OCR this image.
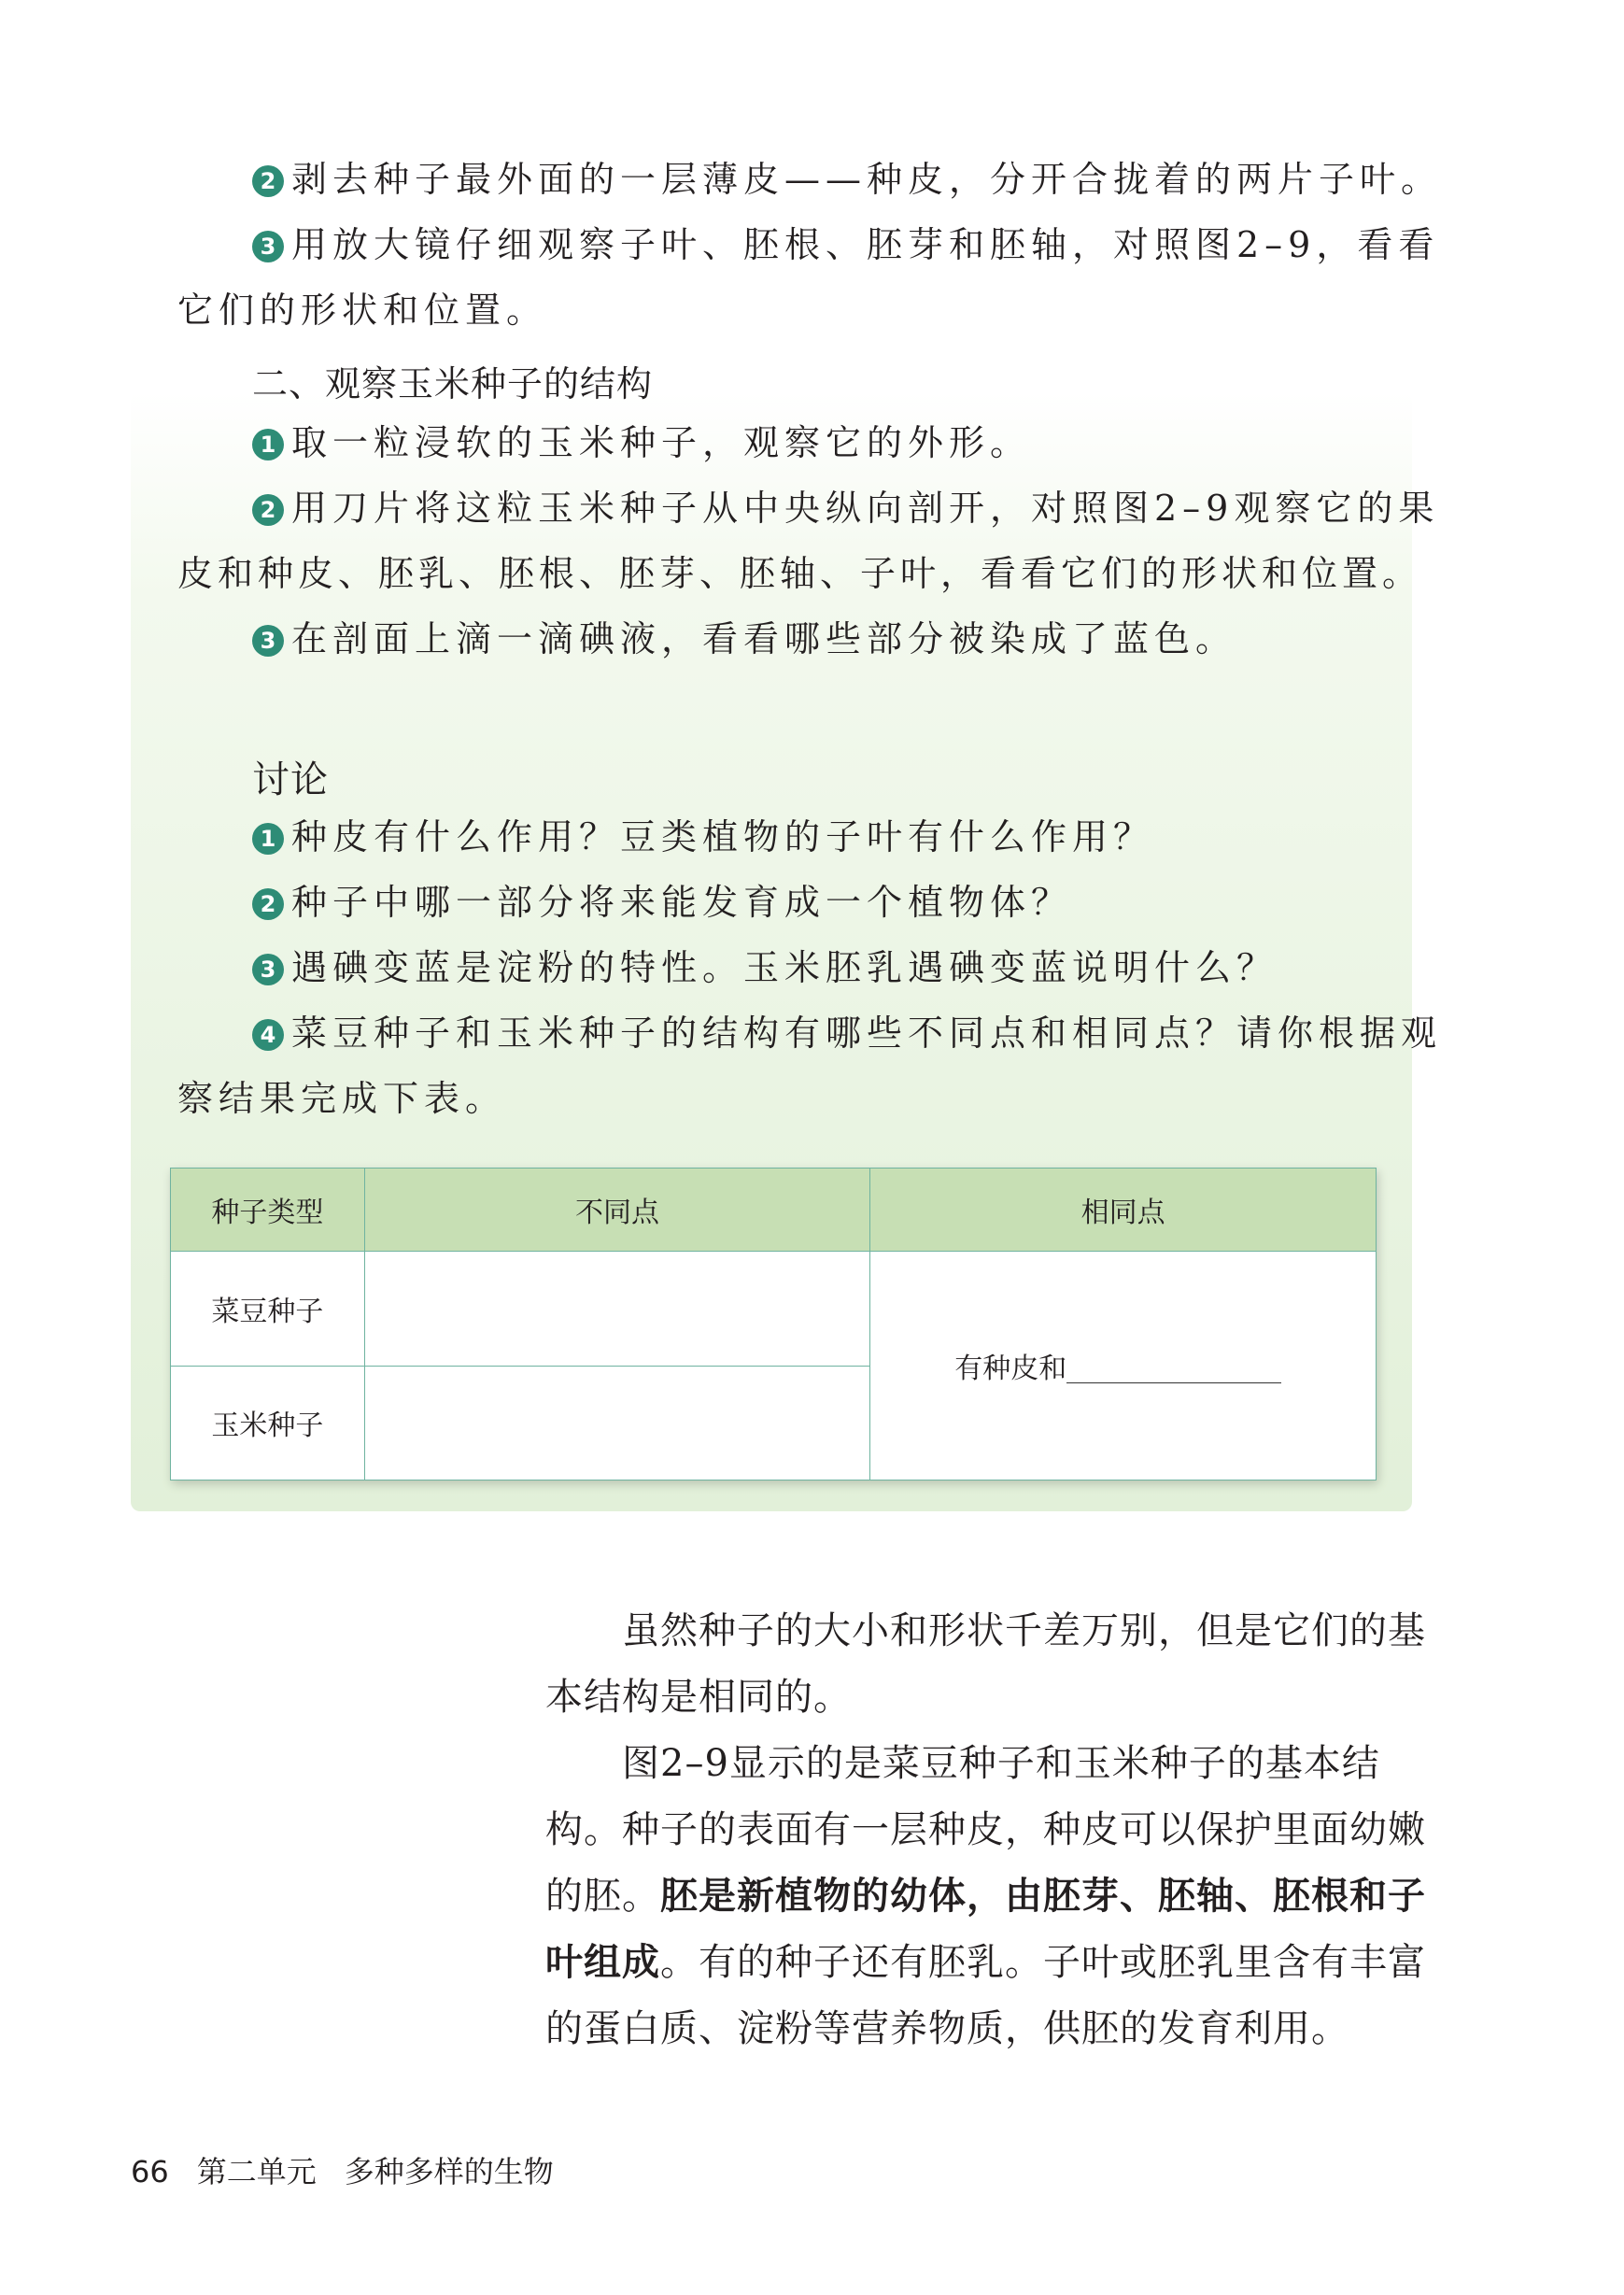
2 剥去种子最外面的一层薄皮——种皮，分开合拢着的两片子叶。
3 用放大镜仔细观察子叶、胚根、胚芽和胚轴，对照图2–9，看看
它们的形状和位置。
二、观察玉米种子的结构
1 取一粒浸软的玉米种子，观察它的外形。
2 用刀片将这粒玉米种子从中央纵向剖开，对照图2–9观察它的果
皮和种皮、胚乳、胚根、胚芽、胚轴、子叶，看看它们的形状和位置。
3 在剖面上滴一滴碘液，看看哪些部分被染成了蓝色。
讨论
1 种皮有什么作用？豆类植物的子叶有什么作用？
2 种子中哪一部分将来能发育成一个植物体？
3 遇碘变蓝是淀粉的特性。玉米胚乳遇碘变蓝说明什么？
4 菜豆种子和玉米种子的结构有哪些不同点和相同点？请你根据观
察结果完成下表。
种子类型	不同点	相同点
菜豆种子		有种皮和
玉米种子		
虽然种子的大小和形状千差万别，但是它们的基
本结构是相同的。
图2–9显示的是菜豆种子和玉米种子的基本结
构。种子的表面有一层种皮，种皮可以保护里面幼嫩
的胚。胚是新植物的幼体，由胚芽、胚轴、胚根和子
叶组成。有的种子还有胚乳。子叶或胚乳里含有丰富
的蛋白质、淀粉等营养物质，供胚的发育利用。
66 第二单元 多种多样的生物
